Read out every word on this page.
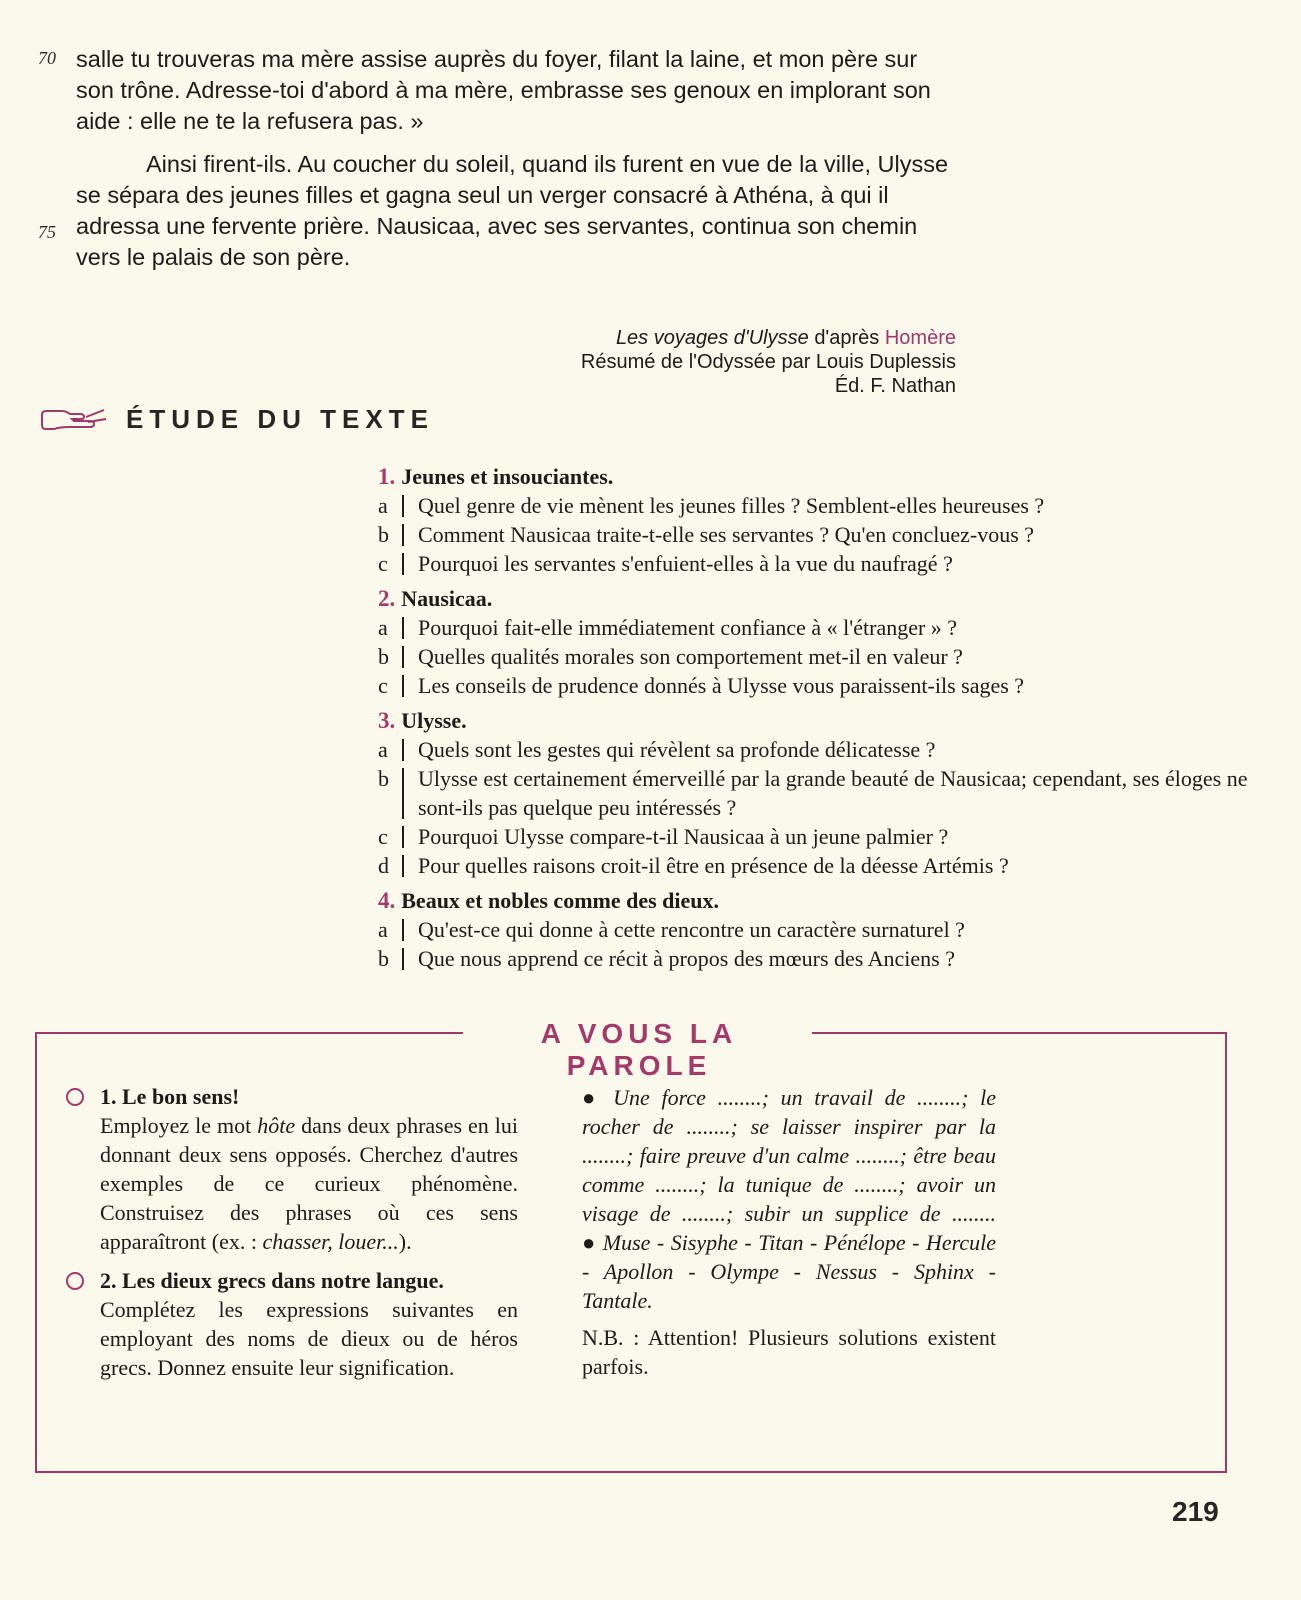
salle tu trouveras ma mère assise auprès du foyer, filant la laine, et mon père sur son trône. Adresse-toi d'abord à ma mère, embrasse ses genoux en implorant son aide : elle ne te la refusera pas. »

Ainsi firent-ils. Au coucher du soleil, quand ils furent en vue de la ville, Ulysse se sépara des jeunes filles et gagna seul un verger consacré à Athéna, à qui il adressa une fervente prière. Nausicaa, avec ses servantes, continua son chemin vers le palais de son père.

70
75
Les voyages d'Ulysse d'après Homère
Résumé de l'Odyssée par Louis Duplessis
Éd. F. Nathan
ÉTUDE DU TEXTE
1. Jeunes et insouciantes.
a	Quel genre de vie mènent les jeunes filles ? Semblent-elles heureuses ?
b	Comment Nausicaa traite-t-elle ses servantes ? Qu'en concluez-vous ?
c	Pourquoi les servantes s'enfuient-elles à la vue du naufragé ?
2. Nausicaa.
a	Pourquoi fait-elle immédiatement confiance à « l'étranger » ?
b	Quelles qualités morales son comportement met-il en valeur ?
c	Les conseils de prudence donnés à Ulysse vous paraissent-ils sages ?
3. Ulysse.
a	Quels sont les gestes qui révèlent sa profonde délicatesse ?
b	Ulysse est certainement émerveillé par la grande beauté de Nausicaa; cependant, ses éloges ne sont-ils pas quelque peu intéressés ?
c	Pourquoi Ulysse compare-t-il Nausicaa à un jeune palmier ?
d	Pour quelles raisons croit-il être en présence de la déesse Artémis ?
4. Beaux et nobles comme des dieux.
a	Qu'est-ce qui donne à cette rencontre un caractère surnaturel ?
b	Que nous apprend ce récit à propos des mœurs des Anciens ?
A VOUS LA PAROLE
1. Le bon sens!
Employez le mot hôte dans deux phrases en lui donnant deux sens opposés. Cherchez d'autres exemples de ce curieux phénomène. Construisez des phrases où ces sens apparaîtront (ex. : chasser, louer...).
2. Les dieux grecs dans notre langue.
Complétez les expressions suivantes en employant des noms de dieux ou de héros grecs. Donnez ensuite leur signification.

● Une force ........; un travail de ........; le rocher de ........; se laisser inspirer par la ........; faire preuve d'un calme ........; être beau comme ........; la tunique de ........; avoir un visage de ........; subir un supplice de ........

● Muse - Sisyphe - Titan - Pénélope - Hercule - Apollon - Olympe - Nessus - Sphinx - Tantale.

N.B. : Attention! Plusieurs solutions existent parfois.

219
